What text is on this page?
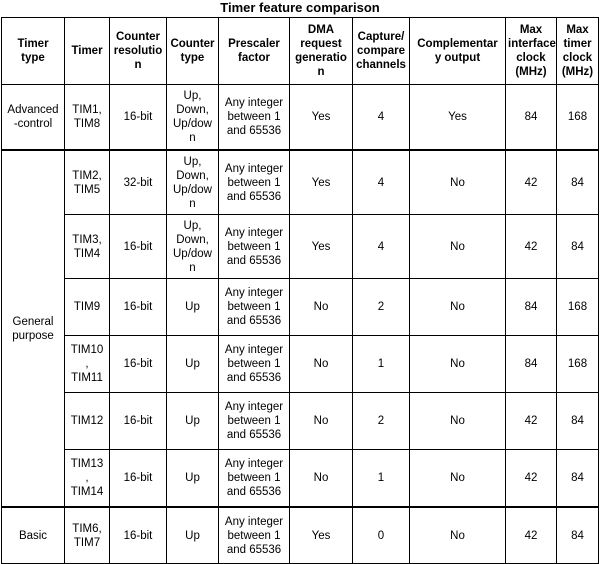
Timer feature comparison
Timer
type	Timer	Counter
resolutio
n	Counter
type	Prescaler
factor	DMA
request
generatio
n	Capture/
compare
channels	Complementar
y output	Max
interface
clock
(MHz)	Max
timer
clock
(MHz)
Advanced
-control	TIM1,
TIM8	16-bit	Up,
Down,
Up/dow
n	Any integer
between 1
and 65536	Yes	4	Yes	84	168
General
purpose	TIM2,
TIM5	32-bit	Up,
Down,
Up/dow
n	Any integer
between 1
and 65536	Yes	4	No	42	84
	TIM3,
TIM4	16-bit	Up,
Down,
Up/dow
n	Any integer
between 1
and 65536	Yes	4	No	42	84
	TIM9	16-bit	Up	Any integer
between 1
and 65536	No	2	No	84	168
	TIM10
,
TIM11	16-bit	Up	Any integer
between 1
and 65536	No	1	No	84	168
	TIM12	16-bit	Up	Any integer
between 1
and 65536	No	2	No	42	84
	TIM13
,
TIM14	16-bit	Up	Any integer
between 1
and 65536	No	1	No	42	84
Basic	TIM6,
TIM7	16-bit	Up	Any integer
between 1
and 65536	Yes	0	No	42	84
